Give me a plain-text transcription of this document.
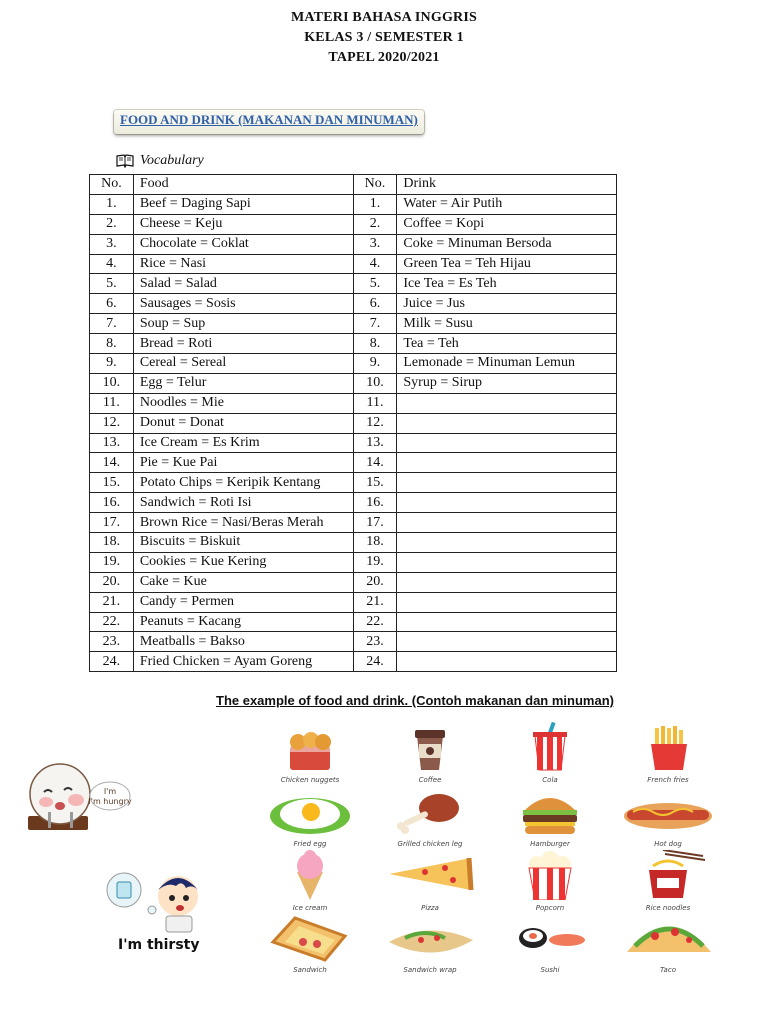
MATERI BAHASA INGGRIS
KELAS 3 / SEMESTER 1
TAPEL 2020/2021
FOOD AND DRINK (MAKANAN DAN MINUMAN)
Vocabulary
No.	Food	No.	Drink
1.	Beef = Daging Sapi	1.	Water = Air Putih
2.	Cheese = Keju	2.	Coffee = Kopi
3.	Chocolate = Coklat	3.	Coke = Minuman Bersoda
4.	Rice = Nasi	4.	Green Tea = Teh Hijau
5.	Salad = Salad	5.	Ice Tea = Es Teh
6.	Sausages = Sosis	6.	Juice = Jus
7.	Soup = Sup	7.	Milk = Susu
8.	Bread = Roti	8.	Tea = Teh
9.	Cereal = Sereal	9.	Lemonade = Minuman Lemun
10.	Egg = Telur	10.	Syrup = Sirup
11.	Noodles = Mie	11.	
12.	Donut = Donat	12.	
13.	Ice Cream = Es Krim	13.	
14.	Pie = Kue Pai	14.	
15.	Potato Chips = Keripik Kentang	15.	
16.	Sandwich = Roti Isi	16.	
17.	Brown Rice = Nasi/Beras Merah	17.	
18.	Biscuits = Biskuit	18.	
19.	Cookies = Kue Kering	19.	
20.	Cake = Kue	20.	
21.	Candy = Permen	21.	
22.	Peanuts = Kacang	22.	
23.	Meatballs = Bakso	23.	
24.	Fried Chicken = Ayam Goreng	24.	
The example of food and drink. (Contoh makanan dan minuman)
I'm
I'm hungry
I'm thirsty
Chicken nuggets	Coffee	Cola	French fries
Fried egg	Grilled chicken leg	Hamburger	Hot dog
Ice cream	Pizza	Popcorn	Rice noodles
Sandwich	Sandwich wrap	Sushi	Taco
